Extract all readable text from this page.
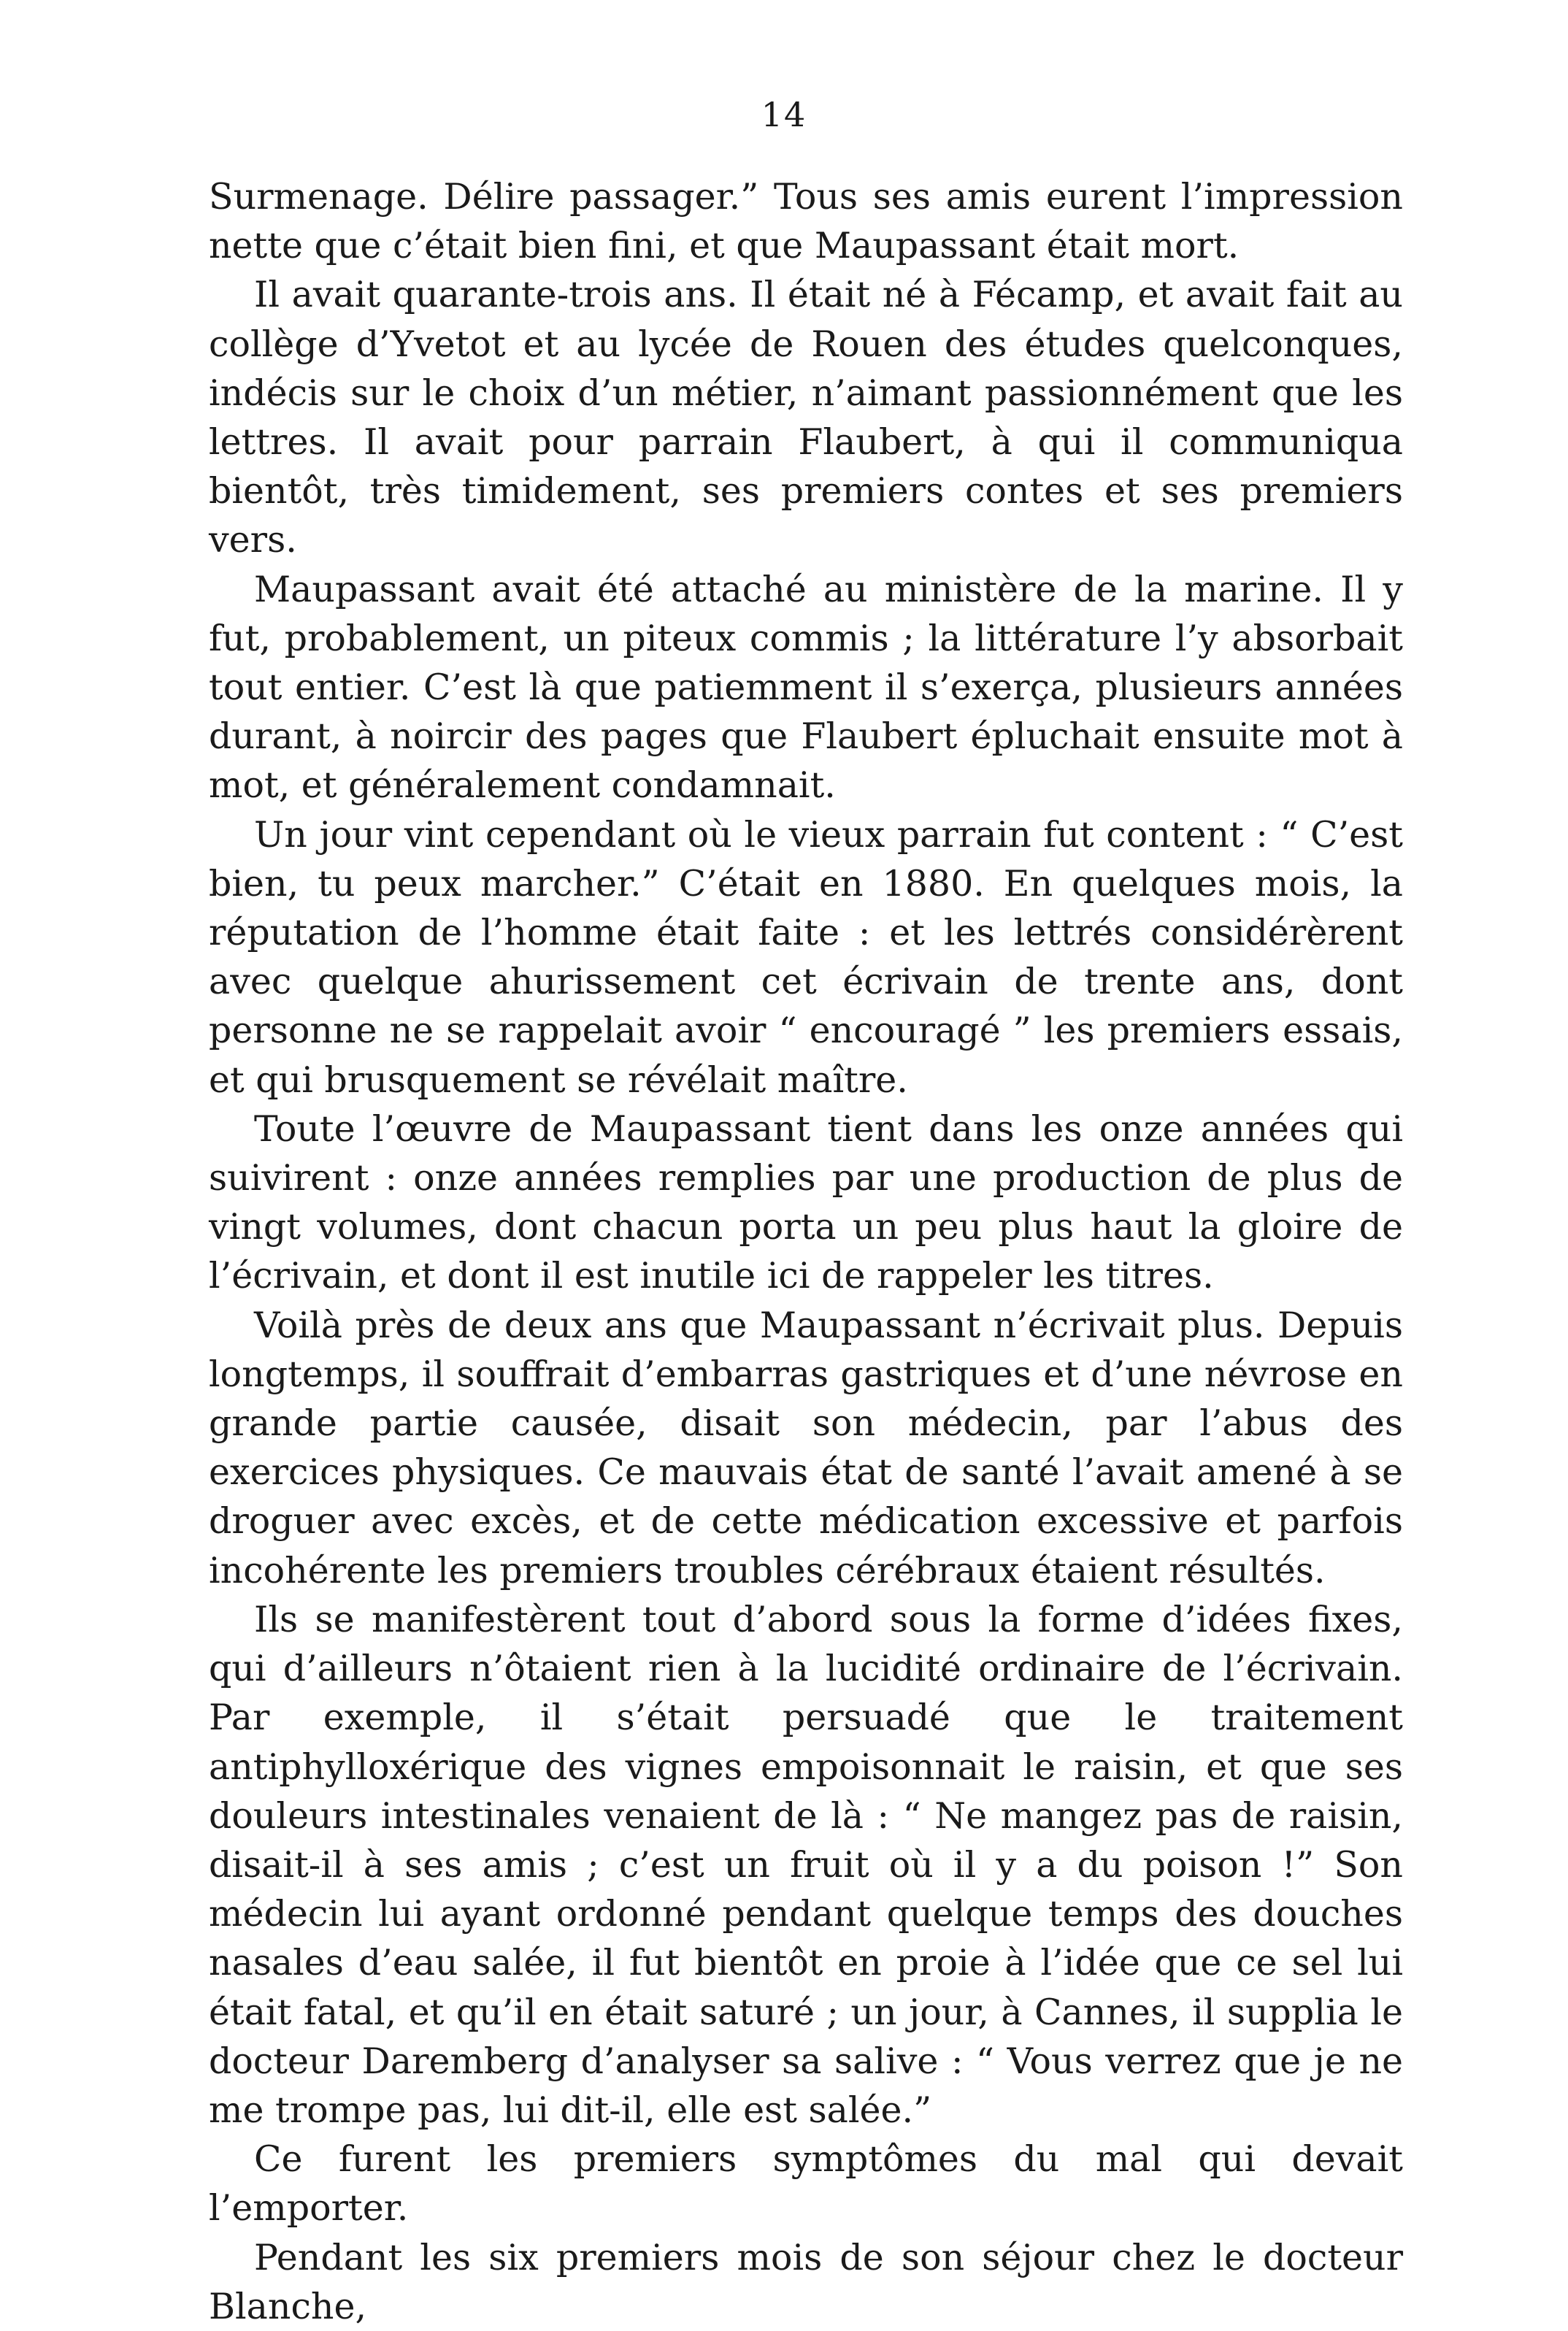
14

Surmenage. Délire passager.” Tous ses amis eurent l’impression nette que c’était bien fini, et que Maupassant était mort.

Il avait quarante-trois ans. Il était né à Fécamp, et avait fait au collège d’Yvetot et au lycée de Rouen des études quelconques, indécis sur le choix d’un métier, n’aimant passionnément que les lettres. Il avait pour parrain Flaubert, à qui il communiqua bientôt, très timidement, ses premiers contes et ses premiers vers.

Maupassant avait été attaché au ministère de la marine. Il y fut, probablement, un piteux commis ; la littérature l’y absorbait tout entier. C’est là que patiemment il s’exerça, plusieurs années durant, à noircir des pages que Flaubert épluchait ensuite mot à mot, et généralement condamnait.

Un jour vint cependant où le vieux parrain fut content : “ C’est bien, tu peux marcher.” C’était en 1880. En quelques mois, la réputation de l’homme était faite : et les lettrés considérèrent avec quelque ahurissement cet écrivain de trente ans, dont personne ne se rappelait avoir “ encouragé ” les premiers essais, et qui brusquement se révélait maître.

Toute l’œuvre de Maupassant tient dans les onze années qui suivirent : onze années remplies par une production de plus de vingt volumes, dont chacun porta un peu plus haut la gloire de l’écrivain, et dont il est inutile ici de rappeler les titres.

Voilà près de deux ans que Maupassant n’écrivait plus. Depuis longtemps, il souffrait d’embarras gastriques et d’une névrose en grande partie causée, disait son médecin, par l’abus des exercices physiques. Ce mauvais état de santé l’avait amené à se droguer avec excès, et de cette médication excessive et parfois incohérente les premiers troubles cérébraux étaient résultés.

Ils se manifestèrent tout d’abord sous la forme d’idées fixes, qui d’ailleurs n’ôtaient rien à la lucidité ordinaire de l’écrivain. Par exemple, il s’était persuadé que le traitement antiphylloxérique des vignes empoisonnait le raisin, et que ses douleurs intestinales venaient de là : “ Ne mangez pas de raisin, disait-il à ses amis ; c’est un fruit où il y a du poison !” Son médecin lui ayant ordonné pendant quelque temps des douches nasales d’eau salée, il fut bientôt en proie à l’idée que ce sel lui était fatal, et qu’il en était saturé ; un jour, à Cannes, il supplia le docteur Daremberg d’analyser sa salive : “ Vous verrez que je ne me trompe pas, lui dit-il, elle est salée.”

Ce furent les premiers symptômes du mal qui devait l’emporter.

Pendant les six premiers mois de son séjour chez le docteur Blanche,
